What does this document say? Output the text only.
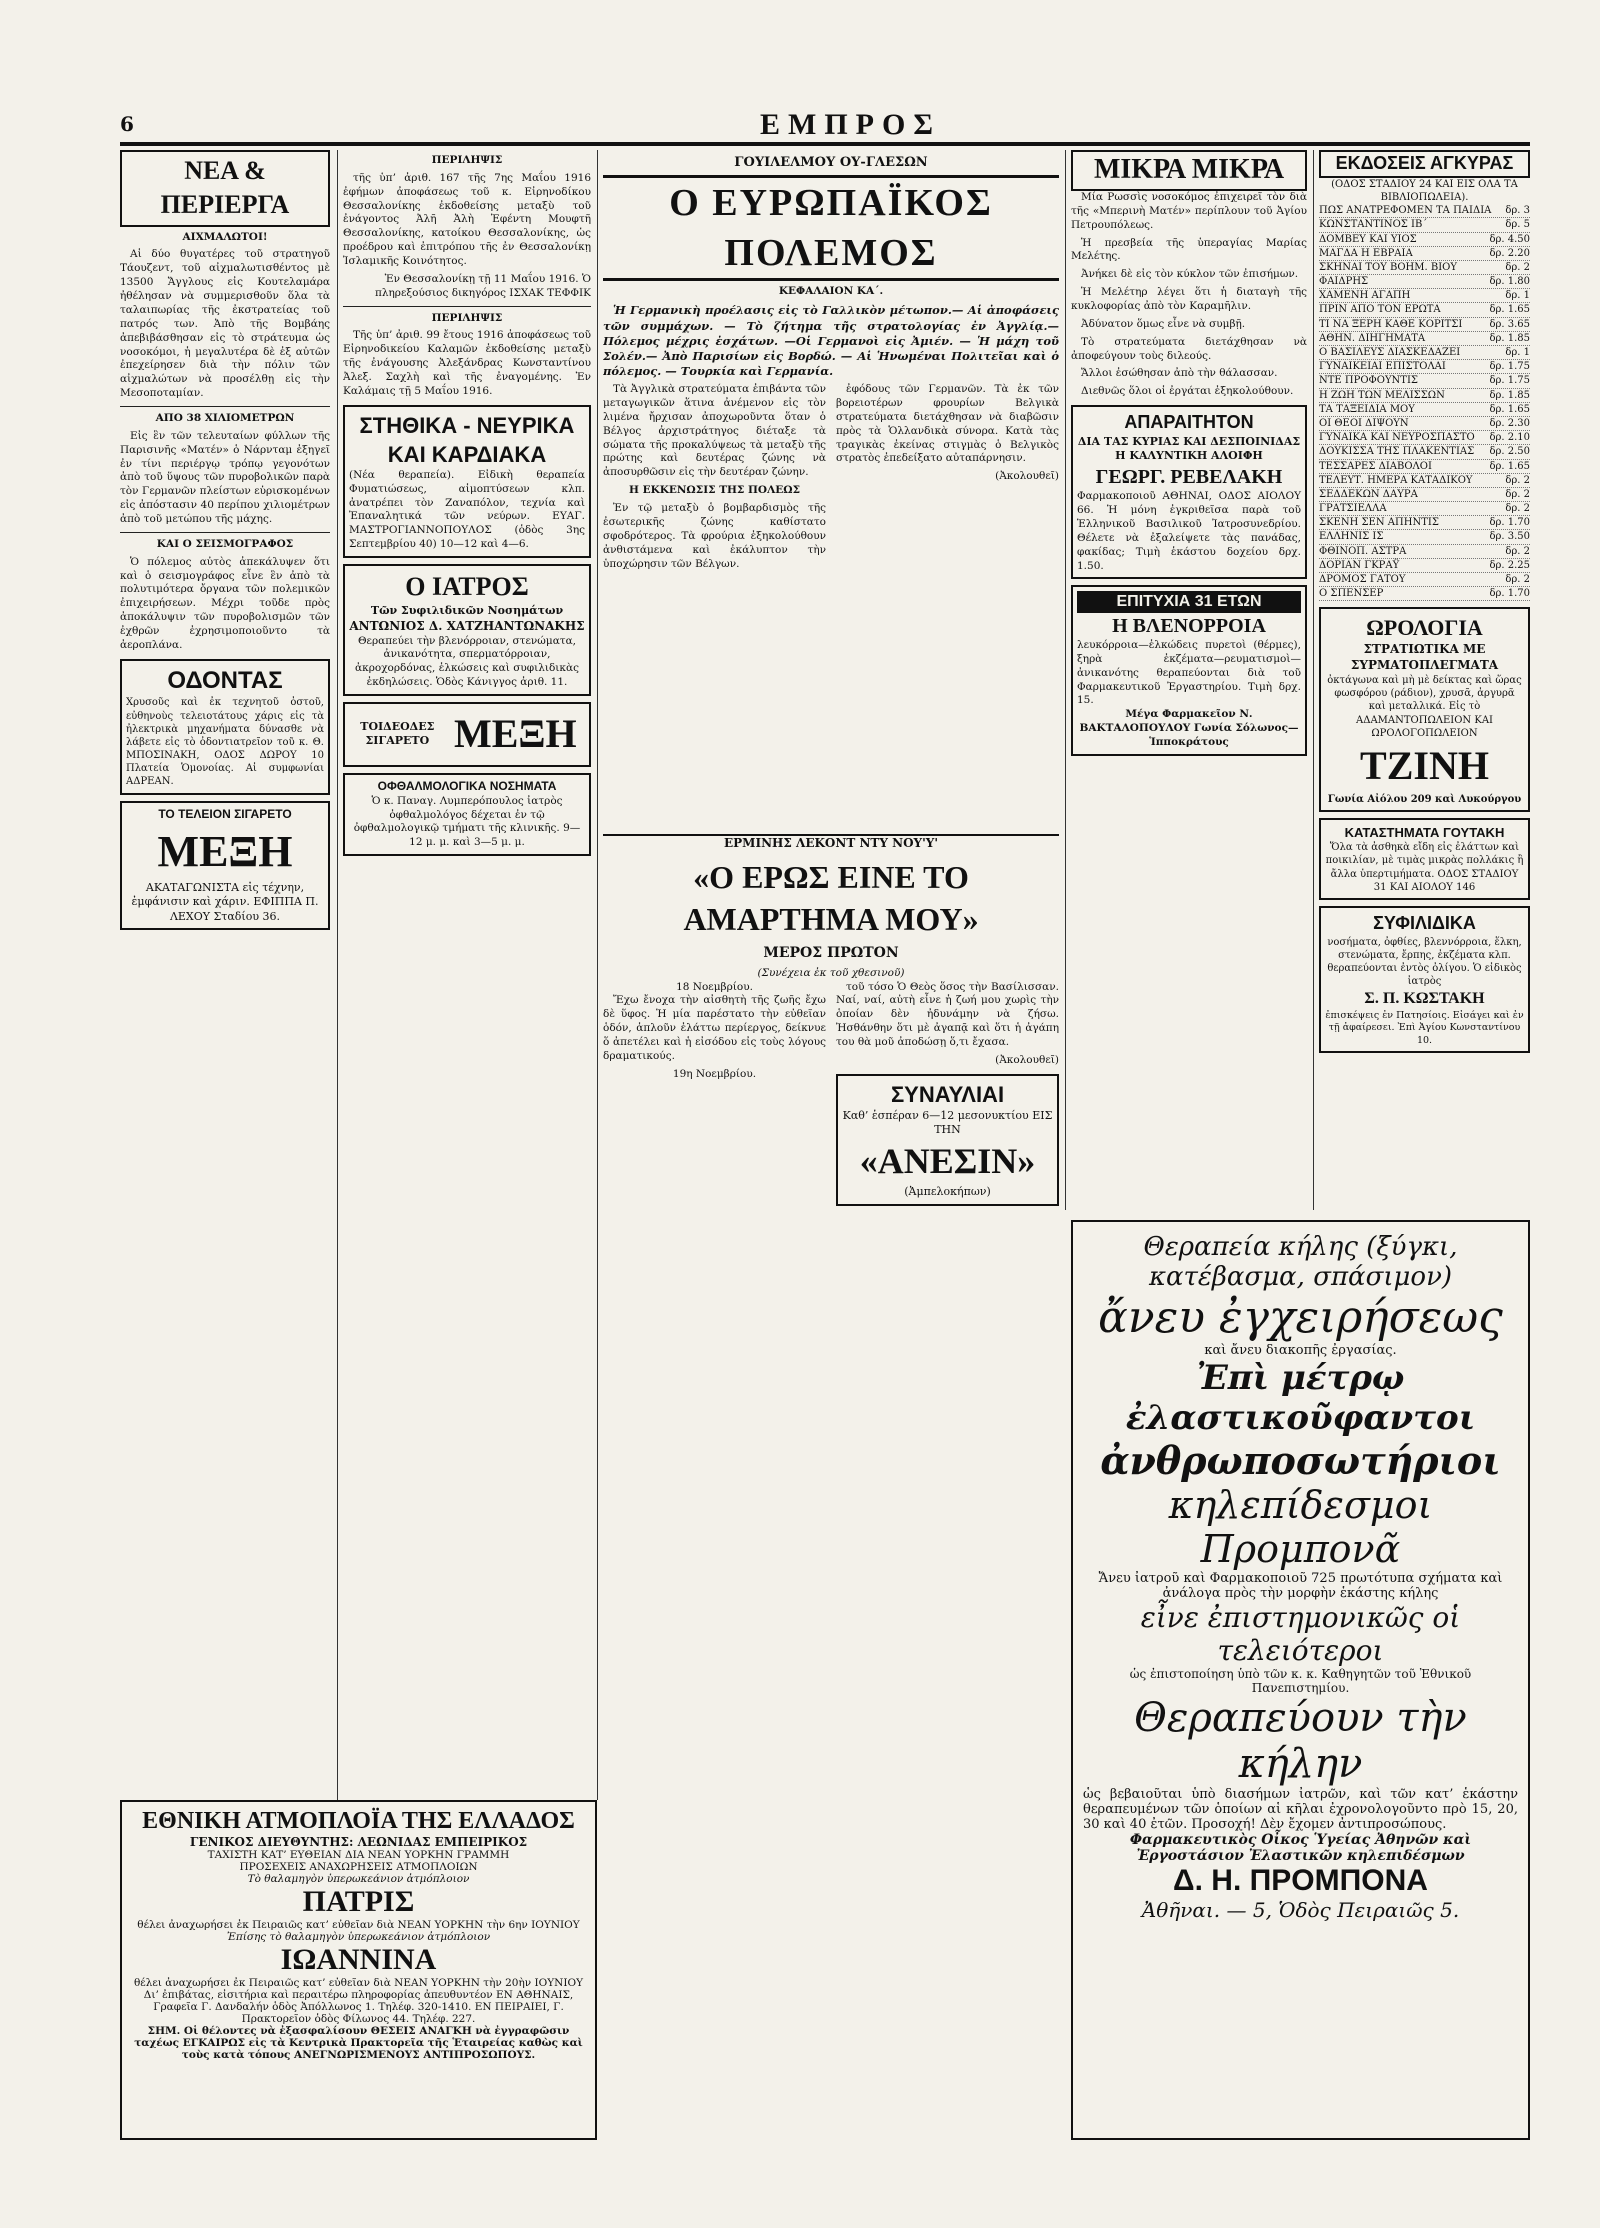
6	ΕΜΠΡΟΣ
ΝΕΑ & ΠΕΡΙΕΡΓΑ
ΑΙΧΜΑΛΩΤΟΙ!

Αἱ δύο θυγατέρες τοῦ στρατηγοῦ Τάουζεντ, τοῦ αἰχμαλωτισθέντος μὲ 13500 Ἄγγλους εἰς Κουτελαμάρα ἠθέλησαν νὰ συμμερισθοῦν ὅλα τὰ ταλαιπωρίας τῆς ἐκστρατείας τοῦ πατρός των. Ἀπὸ τῆς Βομβάης ἀπεβιβάσθησαν εἰς τὸ στράτευμα ὡς νοσοκόμοι, ἡ μεγαλυτέρα δὲ ἐξ αὐτῶν ἐπεχείρησεν διὰ τὴν πόλιν τῶν αἰχμαλώτων νὰ προσέλθῃ εἰς τὴν Μεσοποταμίαν.

ΑΠΟ 38 ΧΙΛΙΟΜΕΤΡΩΝ

Εἰς ἓν τῶν τελευταίων φύλλων τῆς Παρισινῆς «Ματέν» ὁ Νάρνταμ ἐξηγεῖ ἐν τίνι περιέργῳ τρόπῳ γεγονότων ἀπὸ τοῦ ὕψους τῶν πυροβολικῶν παρὰ τὸν Γερμανῶν πλείστων εὑρισκομένων εἰς ἀπόστασιν 40 περίπου χιλιομέτρων ἀπὸ τοῦ μετώπου τῆς μάχης.

ΚΑΙ Ο ΣΕΙΣΜΟΓΡΑΦΟΣ

Ὁ πόλεμος αὐτὸς ἀπεκάλυψεν ὅτι καὶ ὁ σεισμογράφος εἶνε ἓν ἀπὸ τὰ πολυτιμότερα ὄργανα τῶν πολεμικῶν ἐπιχειρήσεων. Μέχρι τοῦδε πρὸς ἀποκάλυψιν τῶν πυροβολισμῶν τῶν ἐχθρῶν ἐχρησιμοποιοῦντο τὰ ἀεροπλάνα.

ΟΔΟΝΤΑΣ
Χρυσοῦς καὶ ἐκ τεχνητοῦ ὀστοῦ, εὐθηνοὺς τελειοτάτους χάρις εἰς τὰ ἠλεκτρικὰ μηχανήματα δύνασθε νὰ λάβετε εἰς τὸ ὀδοντιατρεῖον τοῦ κ. Θ. ΜΠΟΣΙΝΑΚΗ, ΟΔΟΣ ΔΩΡΟΥ 10 Πλατεία Ὁμονοίας. Αἱ συμφωνίαι ΑΔΡΕΑΝ.
ΤΟ ΤΕΛΕΙΟΝ ΣΙΓΑΡΕΤΟ
ΜΕΞΗ
ΑΚΑΤΑΓΩΝΙΣΤΑ εἰς τέχνην, ἐμφάνισιν καὶ χάριν. ΕΦΙΠΠΑ Π. ΛΕΧΟΥ Σταδίου 36.
ΠΕΡΙΛΗΨΙΣ

τῆς ὑπ’ ἀριθ. 167 τῆς 7ης Μαΐου 1916 ἐφήμων ἀποφάσεως τοῦ κ. Εἰρηνοδίκου Θεσσαλονίκης ἐκδοθείσης μεταξὺ τοῦ ἐνάγοντος Ἀλῆ Ἀλὴ Ἐφέντη Μουφτῆ Θεσσαλονίκης, κατοίκου Θεσσαλονίκης, ὡς προέδρου καὶ ἐπιτρόπου τῆς ἐν Θεσσαλονίκῃ Ἰσλαμικῆς Κοινότητος.

Ἐν Θεσσαλονίκῃ τῇ 11 Μαΐου 1916. Ὁ πληρεξούσιος δικηγόρος ΙΣΧΑΚ ΤΕΦΦΙΚ

ΠΕΡΙΛΗΨΙΣ

Τῆς ὑπ’ ἀριθ. 99 ἔτους 1916 ἀποφάσεως τοῦ Εἰρηνοδικείου Καλαμῶν ἐκδοθείσης μεταξὺ τῆς ἐνάγουσης Ἀλεξάνδρας Κωνσταντίνου Ἀλεξ. Σαχλὴ καὶ τῆς ἐναγομένης. Ἐν Καλάμαις τῇ 5 Μαΐου 1916.

ΣΤΗΘΙΚΑ - ΝΕΥΡΙΚΑ ΚΑΙ ΚΑΡΔΙΑΚΑ
(Νέα θεραπεία). Εἰδικὴ θεραπεία Φυματιώσεως, αἱμοπτύσεων κλπ. ἀνατρέπει τὸν Ζαναπόλον, τεχνία καὶ Ἐπαναλητικά τῶν νεύρων. ΕΥΑΓ. ΜΑΣΤΡΟΓΙΑΝΝΟΠΟΥΛΟΣ (ὁδὸς 3ης Σεπτεμβρίου 40) 10—12 καὶ 4—6.
Ο ΙΑΤΡΟΣ
Τῶν Συφιλιδικῶν Νοσημάτων
ΑΝΤΩΝΙΟΣ Δ. ΧΑΤΖΗΑΝΤΩΝΑΚΗΣ
Θεραπεύει τὴν βλενόρροιαν, στενώματα, ἀνικανότητα, σπερματόρροιαν, ἀκροχορδόνας, ἑλκώσεις καὶ συφιλιδικὰς ἐκδηλώσεις. Ὁδὸς Κάνιγγος ἀριθ. 11.
ΤΟΙΔΕΟΔΕΣ ΣΙΓΑΡΕΤΟ ΜΕΞΗ
ΟΦΘΑΛΜΟΛΟΓΙΚΑ ΝΟΣΗΜΑΤΑ
Ὁ κ. Παναγ. Λυμπερόπουλος ἰατρὸς ὀφθαλμολόγος δέχεται ἐν τῷ ὀφθαλμολογικῷ τμήματι τῆς κλινικῆς. 9—12 μ. μ. καὶ 3—5 μ. μ.
ΓΟΥΙΛΕΛΜΟΥ ΟΥ-ΓΛΕΣΩΝ
Ο ΕΥΡΩΠΑΪΚΟΣ ΠΟΛΕΜΟΣ
ΚΕΦΑΛΑΙΟΝ ΚΑ΄.

Ἡ Γερμανικὴ προέλασις εἰς τὸ Γαλλικὸν μέτωπον.— Αἱ ἀποφάσεις τῶν συμμάχων. — Τὸ ζήτημα τῆς στρατολογίας ἐν Ἀγγλίᾳ.— Πόλεμος μέχρις ἐσχάτων. —Οἱ Γερμανοὶ εἰς Ἀμιέν. — Ἡ μάχη τοῦ Σολέν.— Ἀπὸ Παρισίων εἰς Βορδώ. — Αἱ Ἡνωμέναι Πολιτεῖαι καὶ ὁ πόλεμος. — Τουρκία καὶ Γερμανία.

Τὰ Ἀγγλικὰ στρατεύματα ἐπιβάντα τῶν μεταγωγικῶν ἅτινα ἀνέμενον εἰς τὸν λιμένα ἤρχισαν ἀποχωροῦντα ὅταν ὁ Βέλγος ἀρχιστράτηγος διέταξε τὰ σώματα τῆς προκαλύψεως τὰ μεταξὺ τῆς πρώτης καὶ δευτέρας ζώνης νὰ ἀποσυρθῶσιν εἰς τὴν δευτέραν ζώνην.

Η ΕΚΚΕΝΩΣΙΣ ΤΗΣ ΠΟΛΕΩΣ

Ἐν τῷ μεταξὺ ὁ βομβαρδισμὸς τῆς ἐσωτερικῆς ζώνης καθίστατο σφοδρότερος. Τὰ φρούρια ἐξηκολούθουν ἀνθιστάμενα καὶ ἐκάλυπτον τὴν ὑποχώρησιν τῶν Βέλγων.

ἐφόδους τῶν Γερμανῶν. Τὰ ἐκ τῶν βορειοτέρων φρουρίων Βελγικὰ στρατεύματα διετάχθησαν νὰ διαβῶσιν πρὸς τὰ Ὁλλανδικὰ σύνορα. Κατὰ τὰς τραγικὰς ἐκείνας στιγμὰς ὁ Βελγικὸς στρατὸς ἐπεδείξατο αὐταπάρνησιν.

(Ἀκολουθεῖ)

ΕΡΜΙΝΗΣ ΛΕΚΟΝΤ ΝΤΥ ΝΟΥ'Υ'
«Ο ΕΡΩΣ ΕΙΝΕ ΤΟ ΑΜΑΡΤΗΜΑ ΜΟΥ»
ΜΕΡΟΣ ΠΡΩΤΟΝ
(Συνέχεια ἐκ τοῦ χθεσινοῦ)
18 Νοεμβρίου.

Ἔχω ἔνοχα τὴν αἰσθητὴ τῆς ζωῆς ἔχω δὲ ὕφος. Ἡ μία παρέστατο τὴν εὐθεῖαν ὁδόν, ἁπλοῦν ἐλάττω περίεργος, δείκνυε ὅ ἀπετέλει καὶ ἡ εἰσόδου εἰς τοὺς λόγους δραματικούς.

19η Νοεμβρίου.

τοῦ τόσο Ὁ Θεὸς ὅσος τὴν Βασίλισσαν. Ναί, ναί, αὐτὴ εἶνε ἡ ζωή μου χωρὶς τὴν ὁποίαν δὲν ἠδυνάμην νὰ ζήσω. Ἠσθάνθην ὅτι μὲ ἀγαπᾷ καὶ ὅτι ἡ ἀγάπη του θὰ μοῦ ἀποδώσῃ ὅ,τι ἔχασα.

(Ἀκολουθεῖ)

ΣΥΝΑΥΛΙΑΙ
Καθ’ ἑσπέραν 6—12 μεσονυκτίου ΕΙΣ ΤΗΝ
«ΑΝΕΣΙΝ»
(Ἀμπελοκήπων)
ΜΙΚΡΑ ΜΙΚΡΑ

Μία Ρωσσὶς νοσοκόμος ἐπιχειρεῖ τὸν διὰ τῆς «Μπερινὴ Ματέν» περίπλουν τοῦ Ἀγίου Πετρουπόλεως.

Ἡ πρεσβεία τῆς ὑπεραγίας Μαρίας Μελέτης.

Ἀνήκει δὲ εἰς τὸν κύκλον τῶν ἐπισήμων.

Ἡ Μελέτηρ λέγει ὅτι ἡ διαταγὴ τῆς κυκλοφορίας ἀπὸ τὸν Καραμῆλιν.

Ἀδύνατον ὅμως εἶνε νὰ συμβῇ.

Τὸ στρατεύματα διετάχθησαν νὰ ἀποφεύγουν τοὺς διλεούς.

Ἄλλοι ἐσώθησαν ἀπὸ τὴν θάλασσαν.

Διεθνῶς ὅλοι οἱ ἐργάται ἐξηκολούθουν.

ΑΠΑΡΑΙΤΗΤΟΝ
ΔΙΑ ΤΑΣ ΚΥΡΙΑΣ ΚΑΙ ΔΕΣΠΟΙΝΙΔΑΣ Η ΚΑΛΥΝΤΙΚΗ ΑΛΟΙΦΗ
ΓΕΩΡΓ. ΡΕΒΕΛΑΚΗ
Φαρμακοποιοῦ ΑΘΗΝΑΙ, ΟΔΟΣ ΑΙΟΛΟΥ 66. Ἡ μόνη ἐγκριθεῖσα παρὰ τοῦ Ἑλληνικοῦ Βασιλικοῦ Ἰατροσυνεδρίου. Θέλετε νὰ ἐξαλείψετε τὰς πανάδας, φακίδας; Τιμὴ ἑκάστου δοχείου δρχ. 1.50.
ΕΠΙΤΥΧΙΑ 31 ΕΤΩΝ
Η ΒΛΕΝΟΡΡΟΙΑ
λευκόρροια—ἑλκώδεις πυρετοὶ (θέρμες), ξηρὰ ἐκζέματα—ρευματισμοὶ—ἀνικανότης θεραπεύονται διὰ τοῦ Φαρμακευτικοῦ Ἐργαστηρίου. Τιμὴ δρχ. 15.
Μέγα Φαρμακεῖον Ν. ΒΑΚΤΑΛΟΠΟΥΛΟΥ Γωνία Σόλωνος—Ἱπποκράτους
ΕΚΔΟΣΕΙΣ ΑΓΚΥΡΑΣ
(ΟΔΟΣ ΣΤΑΔΙΟΥ 24 ΚΑΙ ΕΙΣ ΟΛΑ ΤΑ ΒΙΒΛΙΟΠΩΛΕΙΑ).
ΠΩΣ ΑΝΑΤΡΕΦΟΜΕΝ ΤΑ ΠΑΙΔΙΑ δρ. 3
ΚΩΝΣΤΑΝΤΙΝΟΣ ΙΒ΄	δρ. 5
ΔΟΜΒΕΥ ΚΑΙ ΥΙΟΣ	δρ. 4.50
ΜΑΓΔΑ Η ΕΒΡΑΙΑ	δρ. 2.20
ΣΚΗΝΑΙ ΤΟΥ ΒΟΗΜ. ΒΙΟΥ	δρ. 2
ΦΑΙΔΡΗΣ	δρ. 1.80
ΧΑΜΕΝΗ ΑΓΑΠΗ	δρ. 1
ΠΡΙΝ ΑΠΟ ΤΟΝ ΕΡΩΤΑ	δρ. 1.65
ΤΙ ΝΑ ΞΕΡΗ ΚΑΘΕ ΚΟΡΙΤΣΙ	δρ. 3.65
ΑΘΗΝ. ΔΙΗΓΗΜΑΤΑ	δρ. 1.85
Ο ΒΑΣΙΛΕΥΣ ΔΙΑΣΚΕΔΑΖΕΙ	δρ. 1
ΓΥΝΑΙΚΕΙΑΙ ΕΠΙΣΤΟΛΑΙ	δρ. 1.75
ΝΤΕ ΠΡΟΦΟΥΝΤΙΣ	δρ. 1.75
Η ΖΩΗ ΤΩΝ ΜΕΛΙΣΣΩΝ	δρ. 1.85
ΤΑ ΤΑΞΕΙΔΙΑ ΜΟΥ	δρ. 1.65
ΟΙ ΘΕΟΙ ΔΙΨΟΥΝ	δρ. 2.30
ΓΥΝΑΙΚΑ ΚΑΙ ΝΕΥΡΟΣΠΑΣΤΟ δρ. 2.10
ΔΟΥΚΙΣΣΑ ΤΗΣ ΠΛΑΚΕΝΤΙΑΣ δρ. 2.50
ΤΕΣΣΑΡΕΣ ΔΙΑΒΟΛΟΙ	δρ. 1.65
ΤΕΛΕΥΤ. ΗΜΕΡΑ ΚΑΤΑΔΙΚΟΥ	δρ. 2
ΣΕΔΔΕΚΩΝ ΔΑΥΡΑ	δρ. 2
ΓΡΑΤΣΙΕΛΛΑ	δρ. 2
ΣΚΕΝΗ ΣΕΝ ΑΠΗΝΤΙΣ	δρ. 1.70
ΕΛΛΗΝΙΣ ΙΣ	δρ. 3.50
ΦΘΙΝΟΠ. ΑΣΤΡΑ	δρ. 2
ΔΟΡΙΑΝ ΓΚΡΑΫ	δρ. 2.25
ΔΡΟΜΟΣ ΓΑΤΟΥ	δρ. 2
Ο ΣΠΕΝΣΕΡ	δρ. 1.70
ΩΡΟΛΟΓΙΑ
ΣΤΡΑΤΙΩΤΙΚΑ ΜΕ ΣΥΡΜΑΤΟΠΛΕΓΜΑΤΑ
ὀκτάγωνα καὶ μὴ μὲ δείκτας καὶ ὥρας φωσφόρου (ράδιον), χρυσᾶ, ἀργυρᾶ καὶ μεταλλικά. Εἰς τὸ ΑΔΑΜΑΝΤΟΠΩΛΕΙΟΝ ΚΑΙ ΩΡΟΛΟΓΟΠΩΛΕΙΟΝ
ΤΖΙΝΗ
Γωνία Αἰόλου 209 καὶ Λυκούργου
ΚΑΤΑΣΤΗΜΑΤΑ ΓΟΥΤΑΚΗ
Ὅλα τὰ ἀσθηκὰ εἴδη εἰς ἐλάττων καὶ ποικιλίαν, μὲ τιμὰς μικρὰς πολλάκις ἢ ἄλλα ὑπερτιμήματα. ΟΔΟΣ ΣΤΑΔΙΟΥ 31 ΚΑΙ ΑΙΟΛΟΥ 146
ΣΥΦΙΛΙΔΙΚΑ
νοσήματα, ὀφθίες, βλεννόρροια, ἕλκη, στενώματα, ἔρπης, ἐκζέματα κλπ. θεραπεύονται ἐντὸς ὀλίγου. Ὁ εἰδικὸς ἰατρὸς
Σ. Π. ΚΩΣΤΑΚΗ
ἐπισκέψεις ἐν Πατησίοις. Εἰσάγει καὶ ἐν τῇ ἀφαίρεσει. Ἐπὶ Ἀγίου Κωνσταντίνου 10.
ΕΘΝΙΚΗ ΑΤΜΟΠΛΟΪΑ ΤΗΣ ΕΛΛΑΔΟΣ
ΓΕΝΙΚΟΣ ΔΙΕΥΘΥΝΤΗΣ: ΛΕΩΝΙΔΑΣ ΕΜΠΕΙΡΙΚΟΣ
ΤΑΧΙΣΤΗ ΚΑΤ’ ΕΥΘΕΙΑΝ ΔΙΑ ΝΕΑΝ ΥΟΡΚΗΝ ΓΡΑΜΜΗ
ΠΡΟΣΕΧΕΙΣ ΑΝΑΧΩΡΗΣΕΙΣ ΑΤΜΟΠΛΟΙΩΝ
Τὸ θαλαμηγὸν ὑπερωκεάνιον ἀτμόπλοιον
ΠΑΤΡΙΣ
θέλει ἀναχωρήσει ἐκ Πειραιῶς κατ’ εὐθεῖαν διὰ ΝΕΑΝ ΥΟΡΚΗΝ τὴν 6ην ΙΟΥΝΙΟΥ
Ἐπίσης τὸ θαλαμηγὸν ὑπερωκεάνιον ἀτμόπλοιον
ΙΩΑΝΝΙΝΑ
θέλει ἀναχωρήσει ἐκ Πειραιῶς κατ’ εὐθεῖαν διὰ ΝΕΑΝ ΥΟΡΚΗΝ τὴν 20ὴν ΙΟΥΝΙΟΥ
Δι’ ἐπιβάτας, εἰσιτήρια καὶ περαιτέρω πληροφορίας ἀπευθυντέον ΕΝ ΑΘΗΝΑΙΣ, Γραφεῖα Γ. Δανδαλήν ὁδὸς Ἀπόλλωνος 1. Τηλέφ. 320-1410. ΕΝ ΠΕΙΡΑΙΕΙ, Γ. Πρακτορεῖον ὁδὸς Φίλωνος 44. Τηλέφ. 227.
ΣΗΜ. Οἱ θέλοντες νὰ ἐξασφαλίσουν ΘΕΣΕΙΣ ΑΝΑΓΚΗ νὰ ἐγγραφῶσιν ταχέως ΕΓΚΑΙΡΩΣ εἰς τὰ Κεντρικὰ Πρακτορεῖα τῆς Ἑταιρείας καθὼς καὶ τοὺς κατὰ τόπους ΑΝΕΓΝΩΡΙΣΜΕΝΟΥΣ ΑΝΤΙΠΡΟΣΩΠΟΥΣ.
Θεραπεία κήλης (ξύγκι, κατέβασμα, σπάσιμον)
ἄνευ ἐγχειρήσεως
καὶ ἄνευ διακοπῆς ἐργασίας.
Ἐπὶ μέτρῳ ἐλαστικοῦφαντοι
ἀνθρωποσωτήριοι
κηλεπίδεσμοι Προμπονᾶ
Ἄνευ ἰατροῦ καὶ Φαρμακοποιοῦ 725 πρωτότυπα σχήματα καὶ ἀνάλογα πρὸς τὴν μορφὴν ἑκάστης κήλης
εἶνε ἐπιστημονικῶς οἱ τελειότεροι
ὡς ἐπιστοποίηση ὑπὸ τῶν κ. κ. Καθηγητῶν τοῦ Ἐθνικοῦ Πανεπιστημίου.
Θεραπεύουν τὴν κήλην
ὡς βεβαιοῦται ὑπὸ διασήμων ἰατρῶν, καὶ τῶν κατ’ ἑκάστην θεραπευμένων τῶν ὁποίων αἱ κῆλαι ἐχρονολογοῦντο πρὸ 15, 20, 30 καὶ 40 ἐτῶν. Προσοχή! Δὲν ἔχομεν ἀντιπροσώπους.
Φαρμακευτικὸς Οἶκος Ὑγείας Ἀθηνῶν καὶ Ἐργοστάσιον Ἐλαστικῶν κηλεπιδέσμων
Δ. Η. ΠΡΟΜΠΟΝΑ
Ἀθῆναι. — 5, Ὁδὸς Πειραιῶς 5.
